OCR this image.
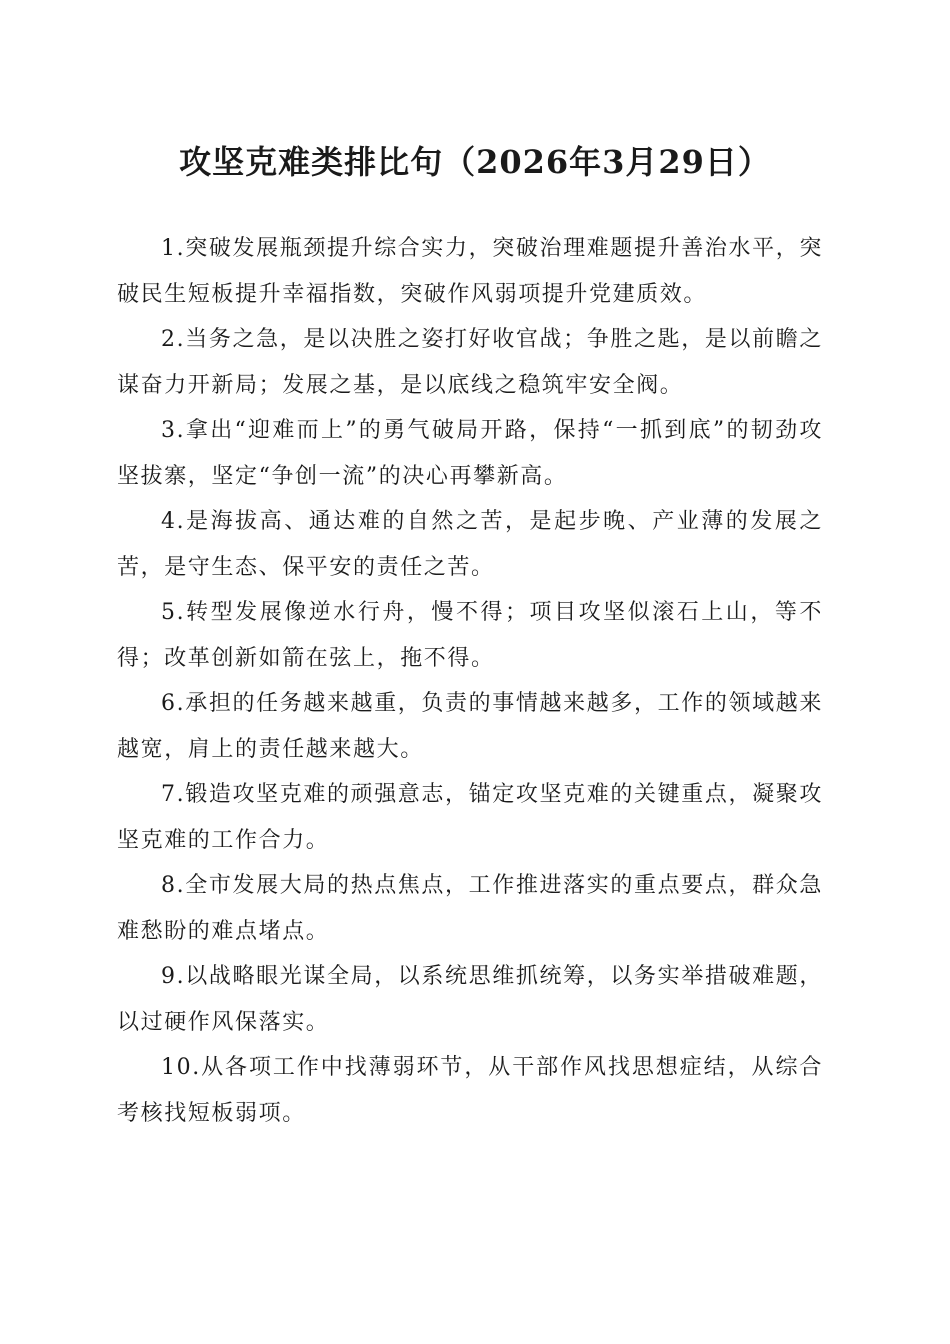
攻坚克难类排比句（2026年3月29日）

1.突破发展瓶颈提升综合实力，突破治理难题提升善治水平，突破民生短板提升幸福指数，突破作风弱项提升党建质效。

2.当务之急，是以决胜之姿打好收官战；争胜之匙，是以前瞻之谋奋力开新局；发展之基，是以底线之稳筑牢安全阀。

3.拿出“迎难而上”的勇气破局开路，保持“一抓到底”的韧劲攻坚拔寨，坚定“争创一流”的决心再攀新高。

4.是海拔高、通达难的自然之苦，是起步晚、产业薄的发展之苦，是守生态、保平安的责任之苦。

5.转型发展像逆水行舟，慢不得；项目攻坚似滚石上山，等不得；改革创新如箭在弦上，拖不得。

6.承担的任务越来越重，负责的事情越来越多，工作的领域越来越宽，肩上的责任越来越大。

7.锻造攻坚克难的顽强意志，锚定攻坚克难的关键重点，凝聚攻坚克难的工作合力。

8.全市发展大局的热点焦点，工作推进落实的重点要点，群众急难愁盼的难点堵点。

9.以战略眼光谋全局，以系统思维抓统筹，以务实举措破难题，以过硬作风保落实。

10.从各项工作中找薄弱环节，从干部作风找思想症结，从综合考核找短板弱项。
